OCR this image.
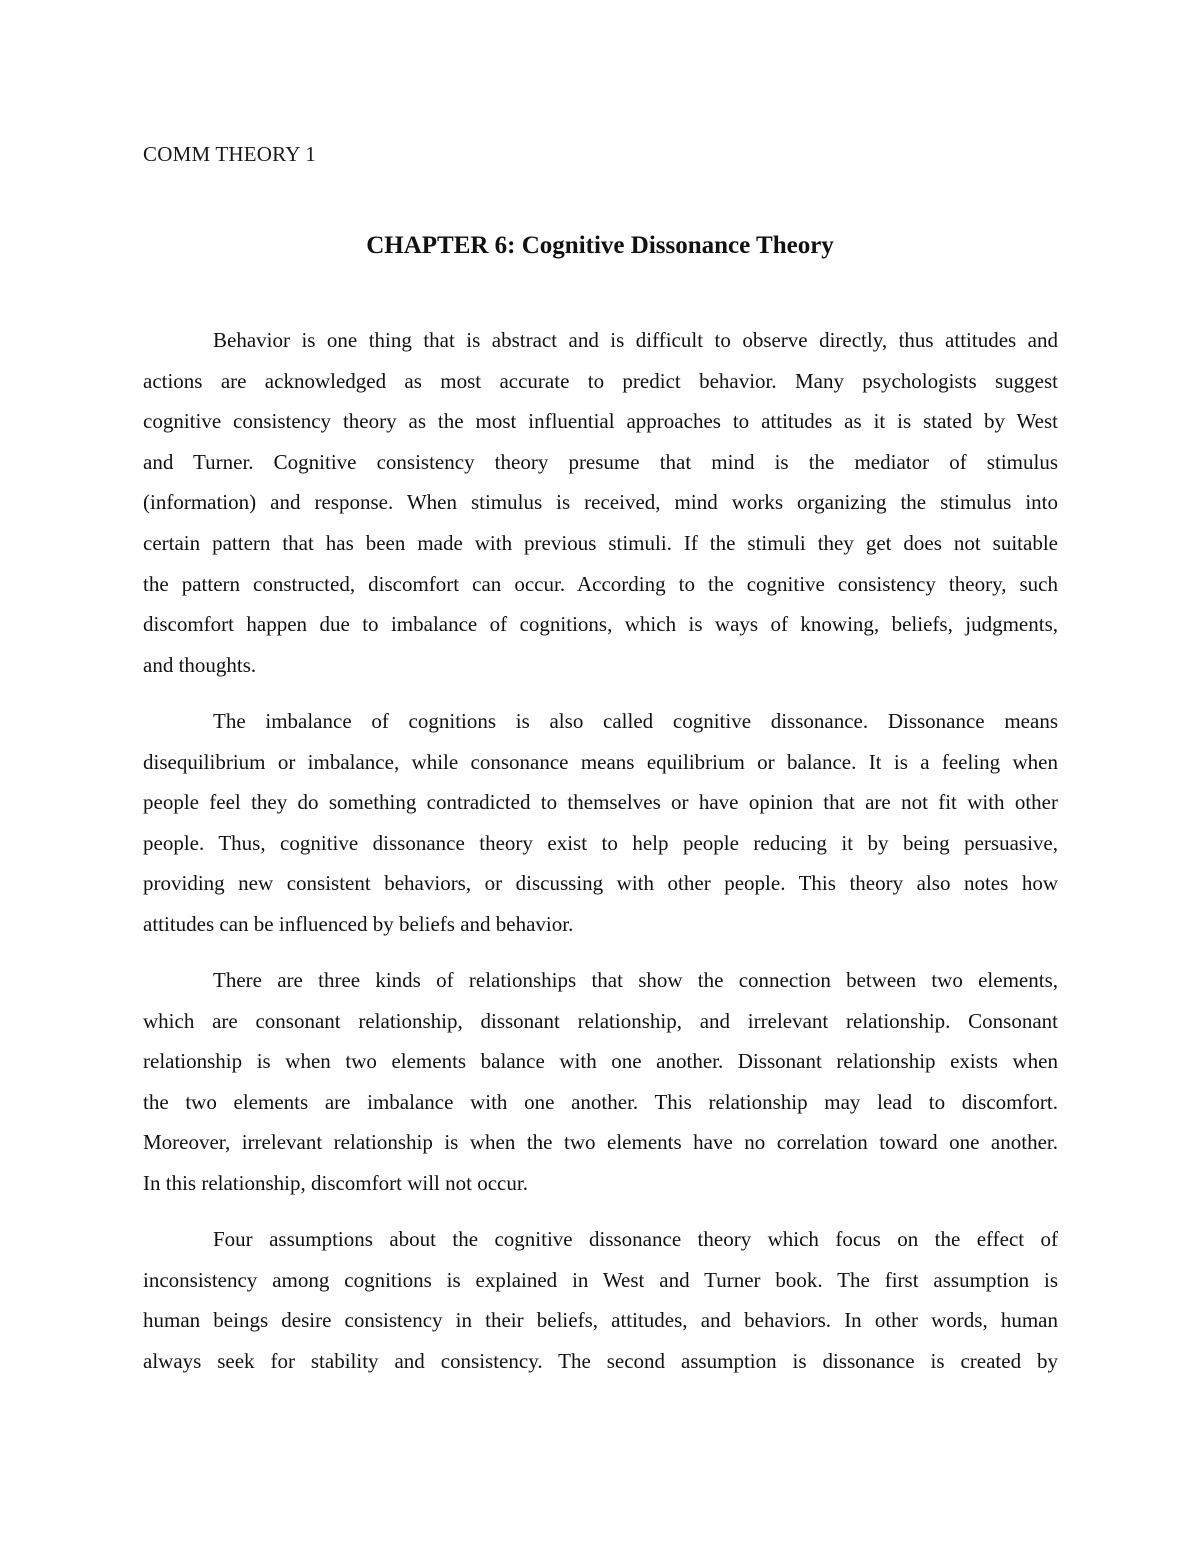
COMM THEORY 1
CHAPTER 6: Cognitive Dissonance Theory
Behavior is one thing that is abstract and is difficult to observe directly, thus attitudes and
actions are acknowledged as most accurate to predict behavior. Many psychologists suggest
cognitive consistency theory as the most influential approaches to attitudes as it is stated by West
and Turner. Cognitive consistency theory presume that mind is the mediator of stimulus
(information) and response. When stimulus is received, mind works organizing the stimulus into
certain pattern that has been made with previous stimuli. If the stimuli they get does not suitable
the pattern constructed, discomfort can occur. According to the cognitive consistency theory, such
discomfort happen due to imbalance of cognitions, which is ways of knowing, beliefs, judgments,
and thoughts.
The imbalance of cognitions is also called cognitive dissonance. Dissonance means
disequilibrium or imbalance, while consonance means equilibrium or balance. It is a feeling when
people feel they do something contradicted to themselves or have opinion that are not fit with other
people. Thus, cognitive dissonance theory exist to help people reducing it by being persuasive,
providing new consistent behaviors, or discussing with other people. This theory also notes how
attitudes can be influenced by beliefs and behavior.
There are three kinds of relationships that show the connection between two elements,
which are consonant relationship, dissonant relationship, and irrelevant relationship. Consonant
relationship is when two elements balance with one another. Dissonant relationship exists when
the two elements are imbalance with one another. This relationship may lead to discomfort.
Moreover, irrelevant relationship is when the two elements have no correlation toward one another.
In this relationship, discomfort will not occur.
Four assumptions about the cognitive dissonance theory which focus on the effect of
inconsistency among cognitions is explained in West and Turner book. The first assumption is
human beings desire consistency in their beliefs, attitudes, and behaviors. In other words, human
always seek for stability and consistency. The second assumption is dissonance is created by
